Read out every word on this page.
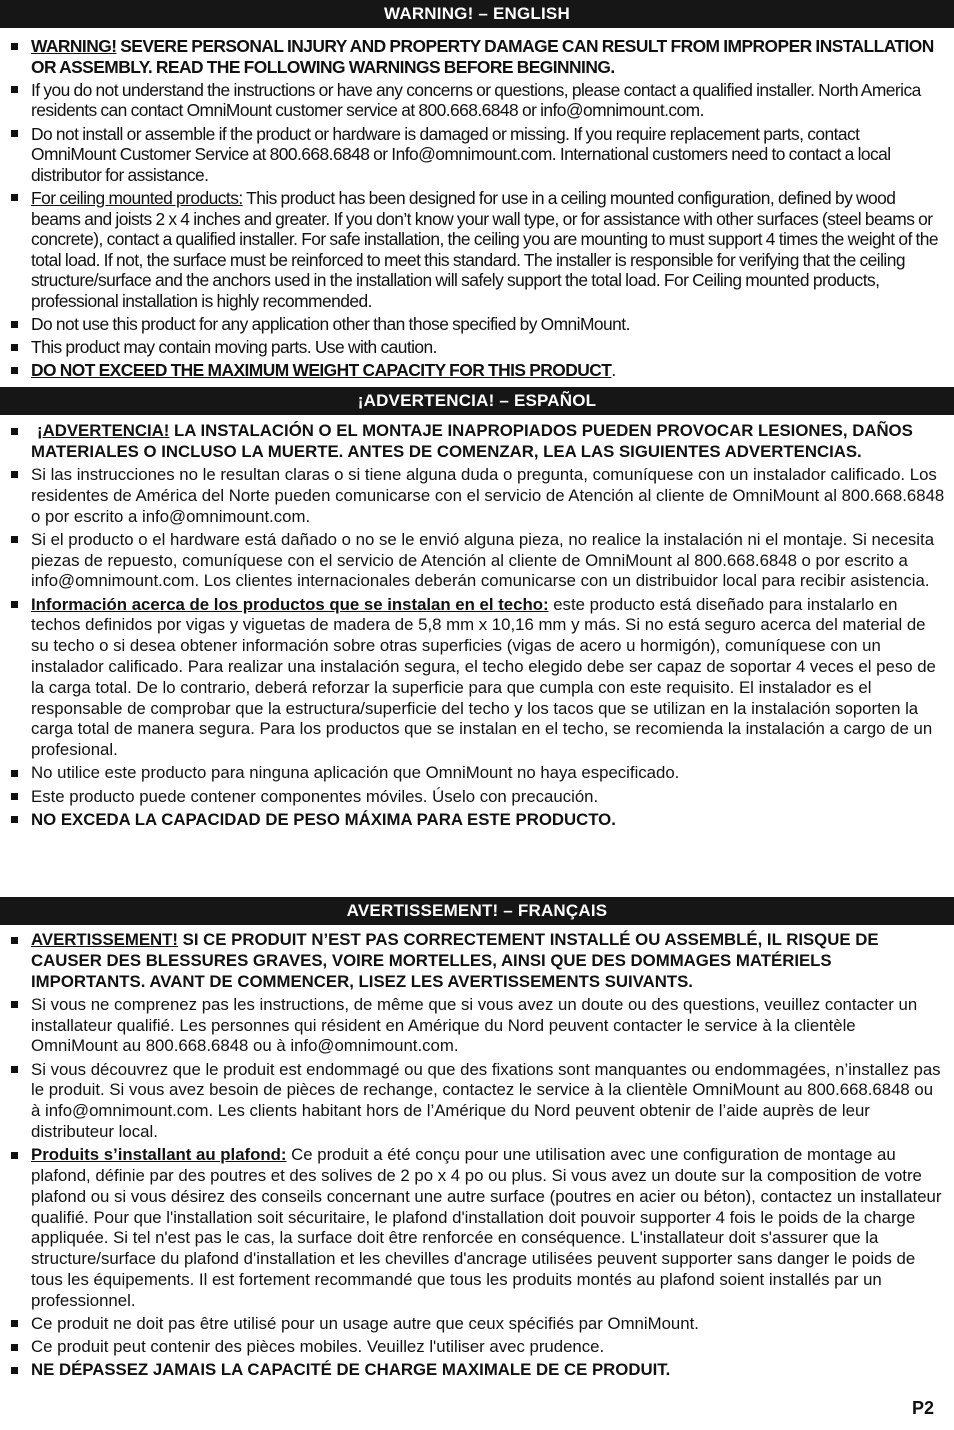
WARNING! – ENGLISH
WARNING! SEVERE PERSONAL INJURY AND PROPERTY DAMAGE CAN RESULT FROM IMPROPER INSTALLATION OR ASSEMBLY. READ THE FOLLOWING WARNINGS BEFORE BEGINNING.
If you do not understand the instructions or have any concerns or questions, please contact a qualified installer. North America residents can contact OmniMount customer service at 800.668.6848 or info@omnimount.com.
Do not install or assemble if the product or hardware is damaged or missing. If you require replacement parts, contact OmniMount Customer Service at 800.668.6848 or Info@omnimount.com. International customers need to contact a local distributor for assistance.
For ceiling mounted products: This product has been designed for use in a ceiling mounted configuration, defined by wood beams and joists 2 x 4 inches and greater. If you don’t know your wall type, or for assistance with other surfaces (steel beams or concrete), contact a qualified installer. For safe installation, the ceiling you are mounting to must support 4 times the weight of the total load. If not, the surface must be reinforced to meet this standard. The installer is responsible for verifying that the ceiling structure/surface and the anchors used in the installation will safely support the total load. For Ceiling mounted products, professional installation is highly recommended.
Do not use this product for any application other than those specified by OmniMount.
This product may contain moving parts. Use with caution.
DO NOT EXCEED THE MAXIMUM WEIGHT CAPACITY FOR THIS PRODUCT.
¡ADVERTENCIA! – ESPAÑOL
¡ADVERTENCIA! LA INSTALACIÓN O EL MONTAJE INAPROPIADOS PUEDEN PROVOCAR LESIONES, DAÑOS MATERIALES O INCLUSO LA MUERTE. ANTES DE COMENZAR, LEA LAS SIGUIENTES ADVERTENCIAS.
Si las instrucciones no le resultan claras o si tiene alguna duda o pregunta, comuníquese con un instalador calificado. Los residentes de América del Norte pueden comunicarse con el servicio de Atención al cliente de OmniMount al 800.668.6848 o por escrito a info@omnimount.com.
Si el producto o el hardware está dañado o no se le envió alguna pieza, no realice la instalación ni el montaje. Si necesita piezas de repuesto, comuníquese con el servicio de Atención al cliente de OmniMount al 800.668.6848 o por escrito a info@omnimount.com. Los clientes internacionales deberán comunicarse con un distribuidor local para recibir asistencia.
Información acerca de los productos que se instalan en el techo: este producto está diseñado para instalarlo en techos definidos por vigas y viguetas de madera de 5,8 mm x 10,16 mm y más. Si no está seguro acerca del material de su techo o si desea obtener información sobre otras superficies (vigas de acero u hormigón), comuníquese con un instalador calificado. Para realizar una instalación segura, el techo elegido debe ser capaz de soportar 4 veces el peso de la carga total. De lo contrario, deberá reforzar la superficie para que cumpla con este requisito. El instalador es el responsable de comprobar que la estructura/superficie del techo y los tacos que se utilizan en la instalación soporten la carga total de manera segura. Para los productos que se instalan en el techo, se recomienda la instalación a cargo de un profesional.
No utilice este producto para ninguna aplicación que OmniMount no haya especificado.
Este producto puede contener componentes móviles. Úselo con precaución.
NO EXCEDA LA CAPACIDAD DE PESO MÁXIMA PARA ESTE PRODUCTO.
AVERTISSEMENT! – FRANÇAIS
AVERTISSEMENT! SI CE PRODUIT N’EST PAS CORRECTEMENT INSTALLÉ OU ASSEMBLÉ, IL RISQUE DE CAUSER DES BLESSURES GRAVES, VOIRE MORTELLES, AINSI QUE DES DOMMAGES MATÉRIELS IMPORTANTS. AVANT DE COMMENCER, LISEZ LES AVERTISSEMENTS SUIVANTS.
Si vous ne comprenez pas les instructions, de même que si vous avez un doute ou des questions, veuillez contacter un installateur qualifié. Les personnes qui résident en Amérique du Nord peuvent contacter le service à la clientèle OmniMount au 800.668.6848 ou à info@omnimount.com.
Si vous découvrez que le produit est endommagé ou que des fixations sont manquantes ou endommagées, n’installez pas le produit. Si vous avez besoin de pièces de rechange, contactez le service à la clientèle OmniMount au 800.668.6848 ou à info@omnimount.com. Les clients habitant hors de l’Amérique du Nord peuvent obtenir de l’aide auprès de leur distributeur local.
Produits s’installant au plafond: Ce produit a été conçu pour une utilisation avec une configuration de montage au plafond, définie par des poutres et des solives de 2 po x 4 po ou plus. Si vous avez un doute sur la composition de votre plafond ou si vous désirez des conseils concernant une autre surface (poutres en acier ou béton), contactez un installateur qualifié. Pour que l'installation soit sécuritaire, le plafond d'installation doit pouvoir supporter 4 fois le poids de la charge appliquée. Si tel n'est pas le cas, la surface doit être renforcée en conséquence. L'installateur doit s'assurer que la structure/surface du plafond d'installation et les chevilles d'ancrage utilisées peuvent supporter sans danger le poids de tous les équipements. Il est fortement recommandé que tous les produits montés au plafond soient installés par un professionnel.
Ce produit ne doit pas être utilisé pour un usage autre que ceux spécifiés par OmniMount.
Ce produit peut contenir des pièces mobiles. Veuillez l'utiliser avec prudence.
NE DÉPASSEZ JAMAIS LA CAPACITÉ DE CHARGE MAXIMALE DE CE PRODUIT.
P2
